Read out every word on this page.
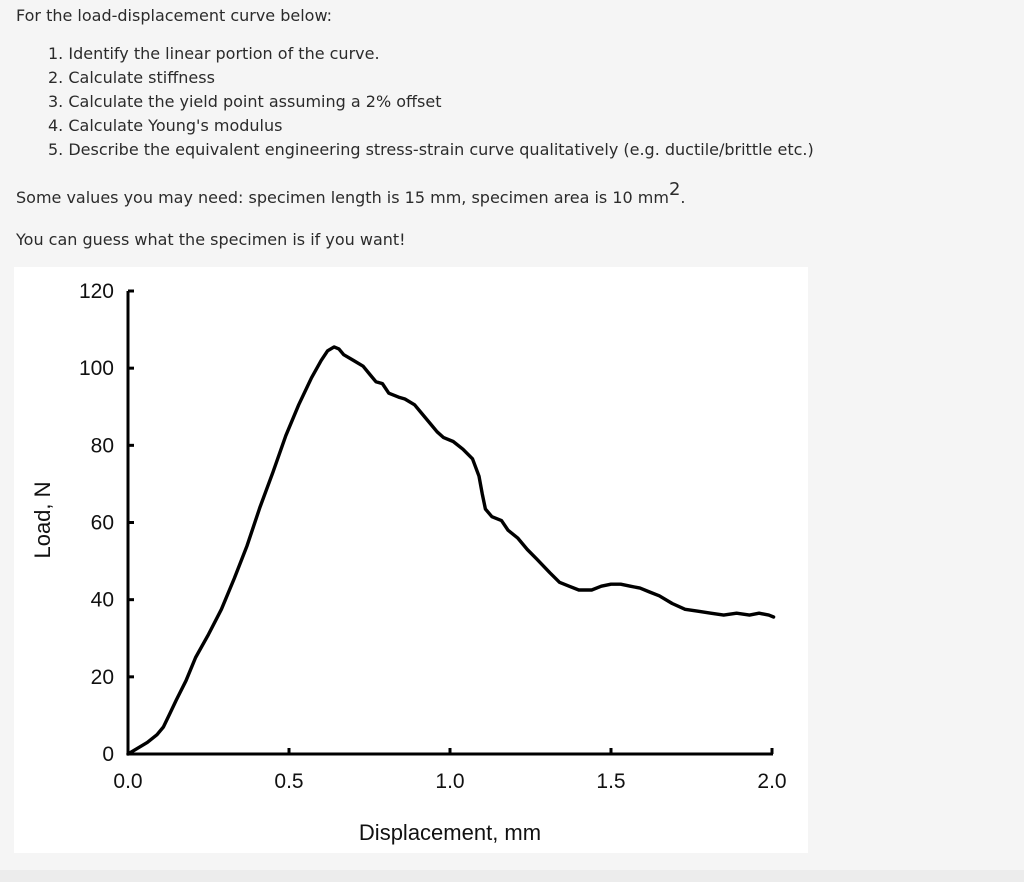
For the load-displacement curve below:
1. Identify the linear portion of the curve.
2. Calculate stiffness
3. Calculate the yield point assuming a 2% offset
4. Calculate Young's modulus
5. Describe the equivalent engineering stress-strain curve qualitatively (e.g. ductile/brittle etc.)
Some values you may need: specimen length is 15 mm, specimen area is 10 $mm^2$.
You can guess what the specimen is if you want!
0
20
40
60
80
100
120
0.0	0.5	1.0	1.5	2.0
Displacement, mm
Load, N
